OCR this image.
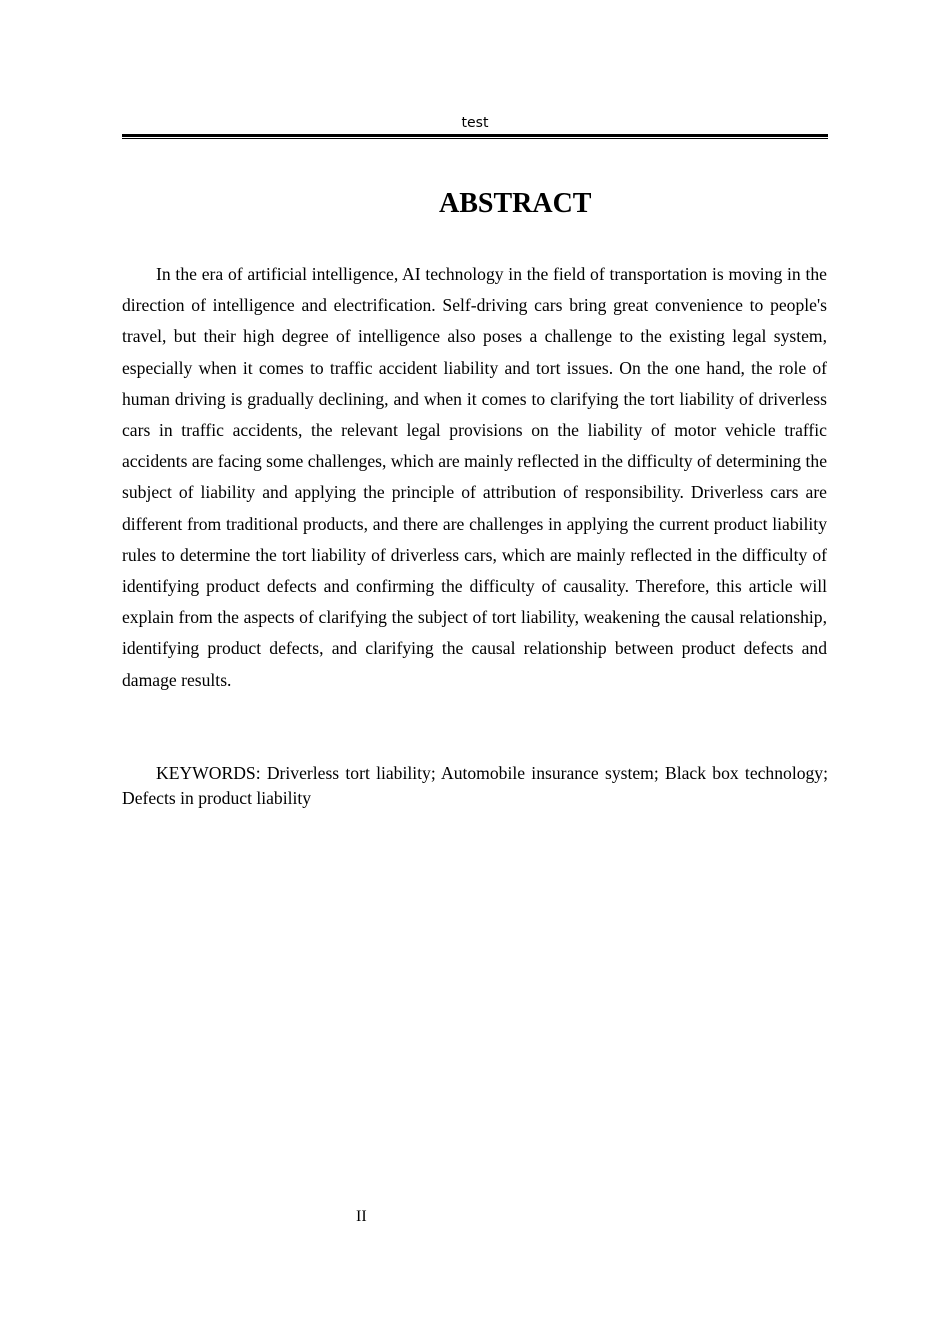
test
ABSTRACT

In the era of artificial intelligence, AI technology in the field of transportation is moving in the direction of intelligence and electrification. Self-driving cars bring great convenience to people's travel, but their high degree of intelligence also poses a challenge to the existing legal system, especially when it comes to traffic accident liability and tort issues. On the one hand, the role of human driving is gradually declining, and when it comes to clarifying the tort liability of driverless cars in traffic accidents, the relevant legal provisions on the liability of motor vehicle traffic accidents are facing some challenges, which are mainly reflected in the difficulty of determining the subject of liability and applying the principle of attribution of responsibility. Driverless cars are different from traditional products, and there are challenges in applying the current product liability rules to determine the tort liability of driverless cars, which are mainly reflected in the difficulty of identifying product defects and confirming the difficulty of causality. Therefore, this article will explain from the aspects of clarifying the subject of tort liability, weakening the causal relationship, identifying product defects, and clarifying the causal relationship between product defects and damage results.

KEYWORDS: Driverless tort liability; Automobile insurance system; Black box technology; Defects in product liability

II
